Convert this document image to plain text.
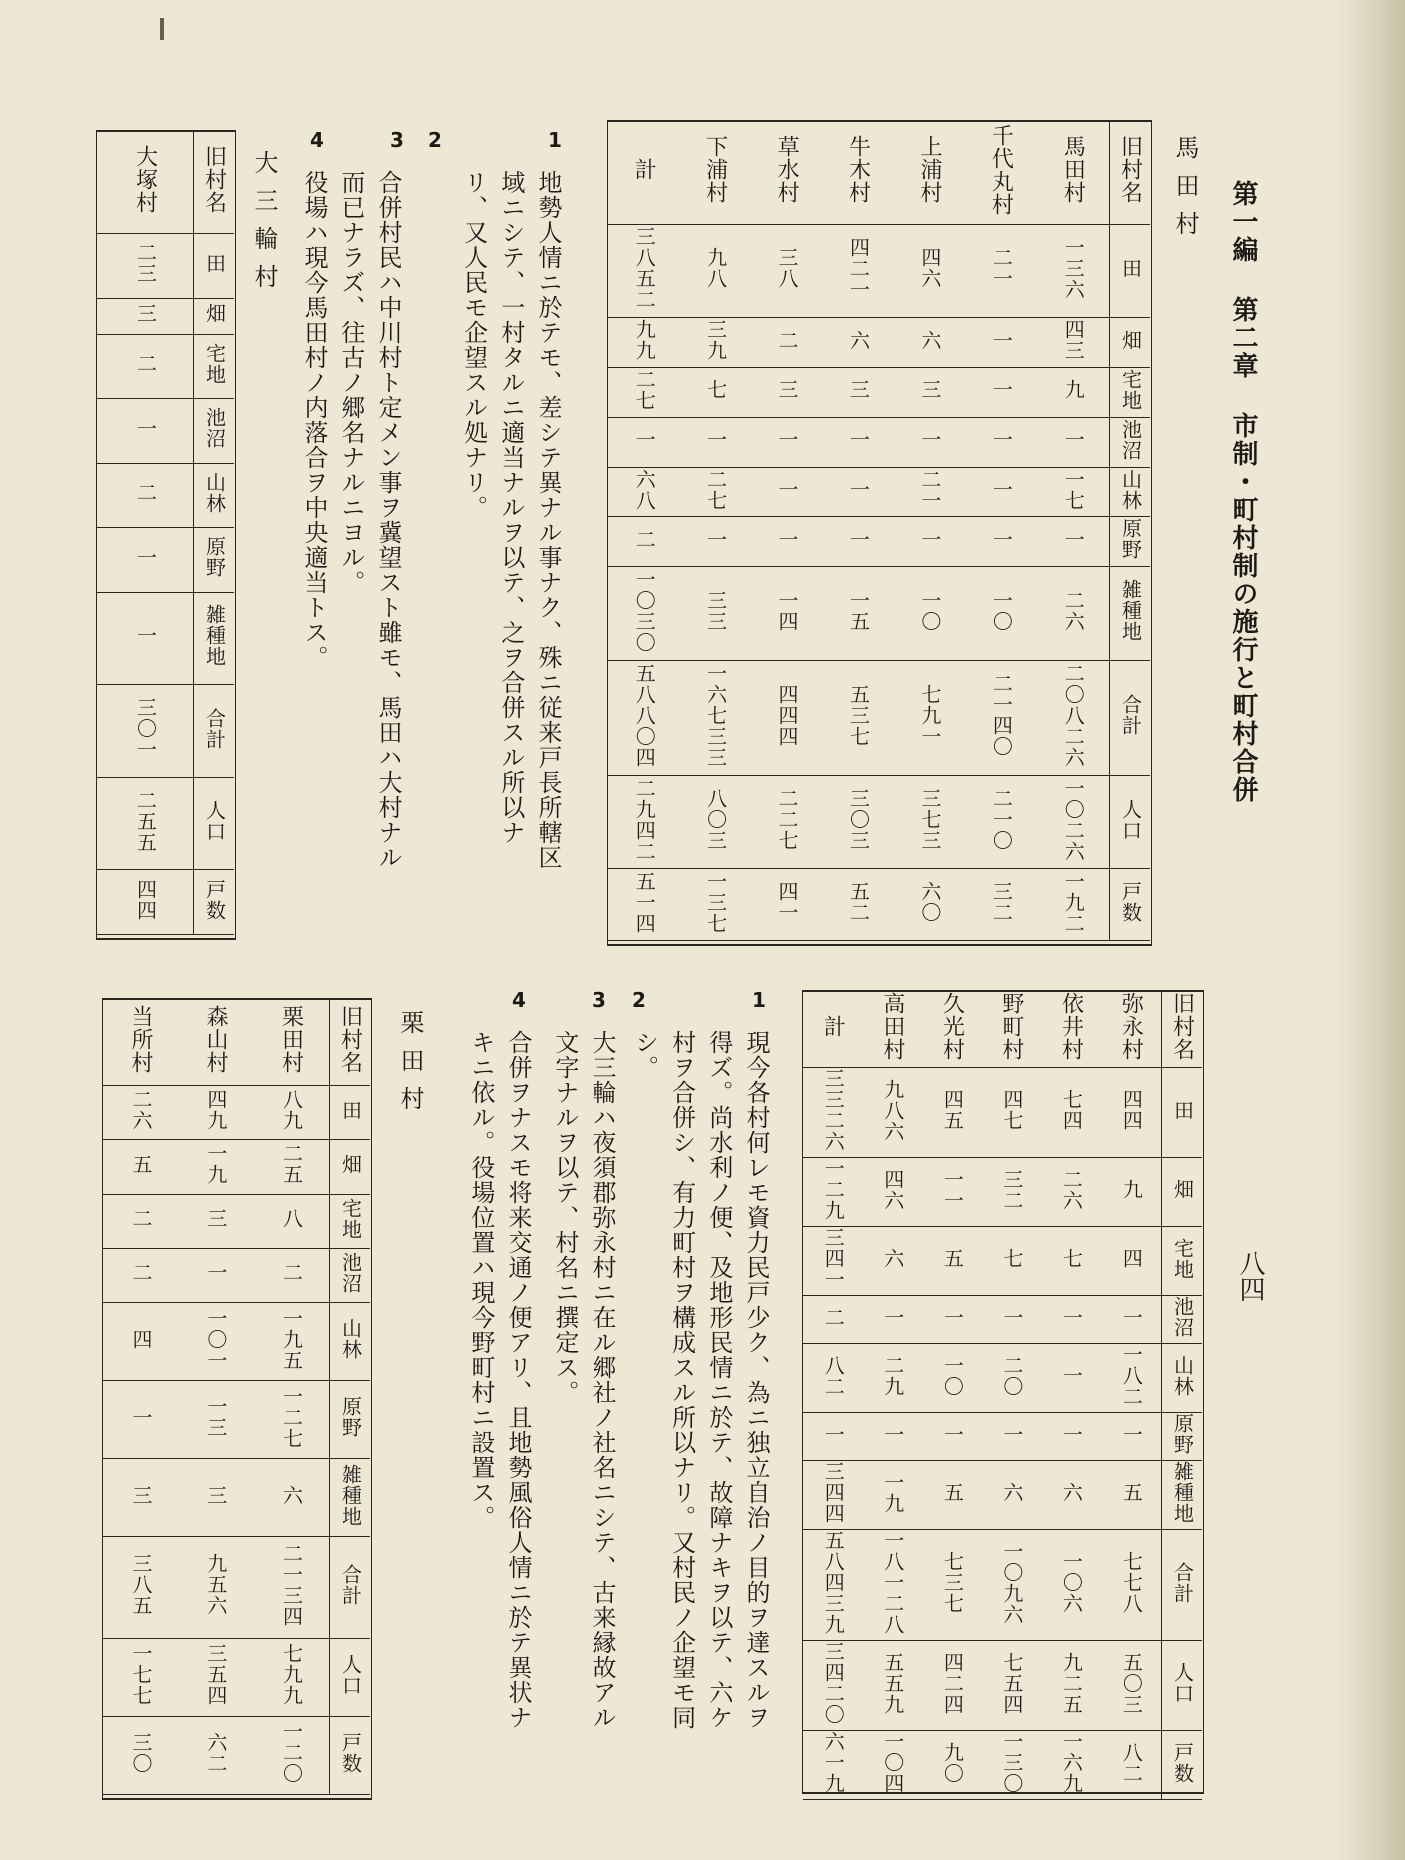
第一編 第二章 市制・町村制の施行と町村合併
八四
馬田村
計	下浦村	草水村	牛木村	上浦村	千代丸村	馬田村	旧村名
三八五二	九八	三八	四二一	四六	二一	一三六	田
九九	三九	二	六	六	一	四三	畑
二七	七	三	三	三	一	九	宅地
一	一	一	一	一	一	一	池沼
六八	二七	一	一	二一	一	一七	山林
二	一	一	一	一	一	一	原野
一〇三〇	三三	一四	一五	一〇	一〇	二六	雑種地
五八八〇四	一六七三三	四四四	五三七	七九一	二一四〇	二〇八二六	合計
二九四二	八〇三	二二七	三〇三	三七三	二一〇	一〇二六	人口
五一四	一三七	四一	五二	六〇	三二	一九二	戸数
1
地勢人情ニ於テモ、差シテ異ナル事ナク、殊ニ従来戸長所轄区域ニシテ、一村タルニ適当ナルヲ以テ、之ヲ合併スル所以ナリ、又人民モ企望スル処ナリ。
2
3
合併村民ハ中川村ト定メン事ヲ冀望スト雖モ、馬田ハ大村ナル而已ナラズ、往古ノ郷名ナルニヨル。
4
役場ハ現今馬田村ノ内落合ヲ中央適当トス。
大三輪村
大塚村	旧村名
二三	田
三	畑
二	宅地
一	池沼
二	山林
一	原野
一	雑種地
三〇一	合計
二五五	人口
四四	戸数
計	高田村	久光村	野町村	依井村	弥永村	旧村名
三三二六	九八六	四五	四七	七四	四四	田
一二九	四六	一一	三二	二六	九	畑
三四一	六	五	七	七	四	宅地
二	一	一	一	一	一	池沼
八二	二九	一〇	二〇	一	一八二	山林
一	一	一	一	一	一	原野
三四四	一九	五	六	六	五	雑種地
五八四三九	一八一二八	七三七	一〇九六	一〇六	七七八	合計
三四二〇	五五九	四二四	七五四	九二五	五〇三	人口
六一九	一〇四	九〇	一三〇	一六九	八二	戸数
1
現今各村何レモ資力民戸少ク、為ニ独立自治ノ目的ヲ達スルヲ得ズ。尚水利ノ便、及地形民情ニ於テ、故障ナキヲ以テ、六ケ村ヲ合併シ、有力町村ヲ構成スル所以ナリ。又村民ノ企望モ同シ。
2
3
大三輪ハ夜須郡弥永村ニ在ル郷社ノ社名ニシテ、古来縁故アル文字ナルヲ以テ、村名ニ撰定ス。
4
合併ヲナスモ将来交通ノ便アリ、且地勢風俗人情ニ於テ異状ナキニ依ル。役場位置ハ現今野町村ニ設置ス。
栗田村
当所村	森山村	栗田村	旧村名
二六	四九	八九	田
五	一九	二五	畑
二	三	八	宅地
二	一	二	池沼
四	一〇一	一九五	山林
一	一三	一二七	原野
三	三	六	雑種地
三八五	九五六	二一三四	合計
一七七	三五四	七九九	人口
三〇	六二	一二〇	戸数
